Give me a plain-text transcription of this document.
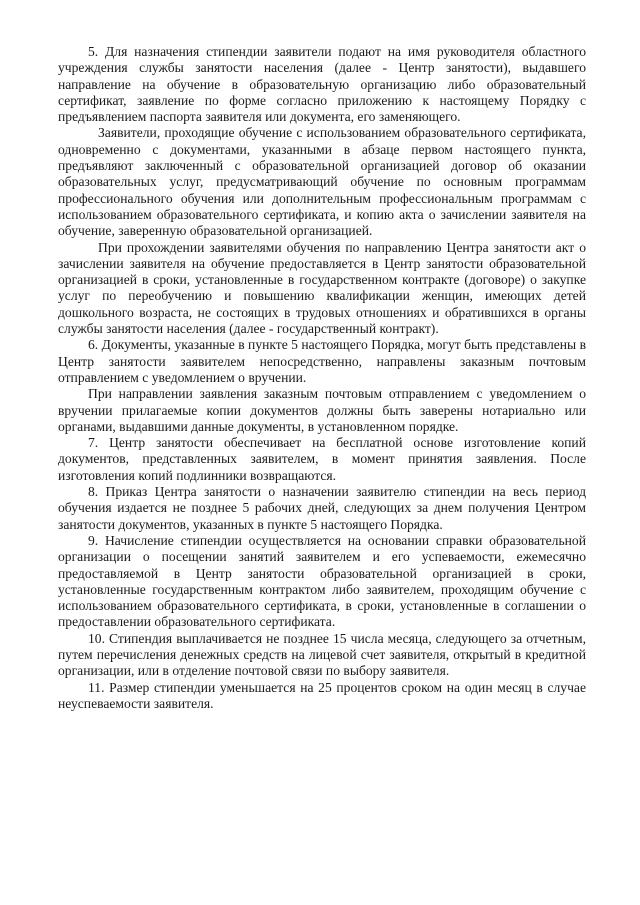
5. Для назначения стипендии заявители подают на имя руководителя областного учреждения службы занятости населения (далее - Центр занятости), выдавшего направление на обучение в образовательную организацию либо образовательный сертификат, заявление по форме согласно приложению к настоящему Порядку с предъявлением паспорта заявителя или документа, его заменяющего.

Заявители, проходящие обучение с использованием образовательного сертификата, одновременно с документами, указанными в абзаце первом настоящего пункта, предъявляют заключенный с образовательной организацией договор об оказании образовательных услуг, предусматривающий обучение по основным программам профессионального обучения или дополнительным профессиональным программам с использованием образовательного сертификата, и копию акта о зачислении заявителя на обучение, заверенную образовательной организацией.

При прохождении заявителями обучения по направлению Центра занятости акт о зачислении заявителя на обучение предоставляется в Центр занятости образовательной организацией в сроки, установленные в государственном контракте (договоре) о закупке услуг по переобучению и повышению квалификации женщин, имеющих детей дошкольного возраста, не состоящих в трудовых отношениях и обратившихся в органы службы занятости населения (далее - государственный контракт).

6. Документы, указанные в пункте 5 настоящего Порядка, могут быть представлены в Центр занятости заявителем непосредственно, направлены заказным почтовым отправлением с уведомлением о вручении.

При направлении заявления заказным почтовым отправлением с уведомлением о вручении прилагаемые копии документов должны быть заверены нотариально или органами, выдавшими данные документы, в установленном порядке.

7. Центр занятости обеспечивает на бесплатной основе изготовление копий документов, представленных заявителем, в момент принятия заявления. После изготовления копий подлинники возвращаются.

8. Приказ Центра занятости о назначении заявителю стипендии на весь период обучения издается не позднее 5 рабочих дней, следующих за днем получения Центром занятости документов, указанных в пункте 5 настоящего Порядка.

9. Начисление стипендии осуществляется на основании справки образовательной организации о посещении занятий заявителем и его успеваемости, ежемесячно предоставляемой в Центр занятости образовательной организацией в сроки, установленные государственным контрактом либо заявителем, проходящим обучение с использованием образовательного сертификата, в сроки, установленные в соглашении о предоставлении образовательного сертификата.

10. Стипендия выплачивается не позднее 15 числа месяца, следующего за отчетным, путем перечисления денежных средств на лицевой счет заявителя, открытый в кредитной организации, или в отделение почтовой связи по выбору заявителя.

11. Размер стипендии уменьшается на 25 процентов сроком на один месяц в случае неуспеваемости заявителя.
